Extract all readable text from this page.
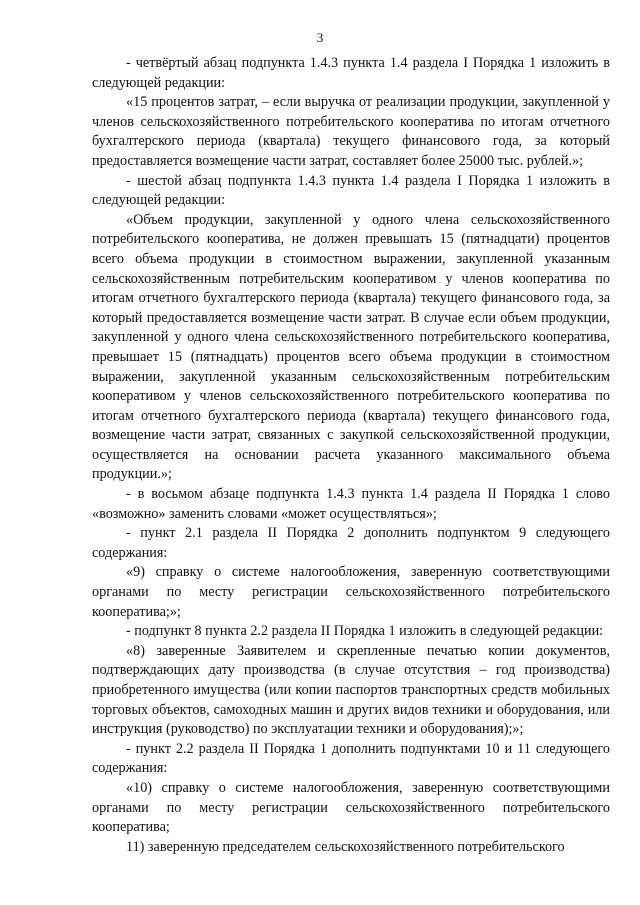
3

- четвёртый абзац подпункта 1.4.3 пункта 1.4 раздела I Порядка 1 изложить в следующей редакции:

«15 процентов затрат, – если выручка от реализации продукции, закупленной у членов сельскохозяйственного потребительского кооператива по итогам отчетного бухгалтерского периода (квартала) текущего финансового года, за который предоставляется возмещение части затрат, составляет более 25000 тыс. рублей.»;

- шестой абзац подпункта 1.4.3 пункта 1.4 раздела I Порядка 1 изложить в следующей редакции:

«Объем продукции, закупленной у одного члена сельскохозяйственного потребительского кооператива, не должен превышать 15 (пятнадцати) процентов всего объема продукции в стоимостном выражении, закупленной указанным сельскохозяйственным потребительским кооперативом у членов кооператива по итогам отчетного бухгалтерского периода (квартала) текущего финансового года, за который предоставляется возмещение части затрат. В случае если объем продукции, закупленной у одного члена сельскохозяйственного потребительского кооператива, превышает 15 (пятнадцать) процентов всего объема продукции в стоимостном выражении, закупленной указанным сельскохозяйственным потребительским кооперативом у членов сельскохозяйственного потребительского кооператива по итогам отчетного бухгалтерского периода (квартала) текущего финансового года, возмещение части затрат, связанных с закупкой сельскохозяйственной продукции, осуществляется на основании расчета указанного максимального объема продукции.»;

- в восьмом абзаце подпункта 1.4.3 пункта 1.4 раздела II Порядка 1 слово «возможно» заменить словами «может осуществляться»;

- пункт 2.1 раздела II Порядка 2 дополнить подпунктом 9 следующего содержания:

«9) справку о системе налогообложения, заверенную соответствующими органами по месту регистрации сельскохозяйственного потребительского кооператива;»;

- подпункт 8 пункта 2.2 раздела II Порядка 1 изложить в следующей редакции:

«8) заверенные Заявителем и скрепленные печатью копии документов, подтверждающих дату производства (в случае отсутствия – год производства) приобретенного имущества (или копии паспортов транспортных средств мобильных торговых объектов, самоходных машин и других видов техники и оборудования, или инструкция (руководство) по эксплуатации техники и оборудования);»;

- пункт 2.2 раздела II Порядка 1 дополнить подпунктами 10 и 11 следующего содержания:

«10) справку о системе налогообложения, заверенную соответствующими органами по месту регистрации сельскохозяйственного потребительского кооператива;

11) заверенную председателем сельскохозяйственного потребительского
